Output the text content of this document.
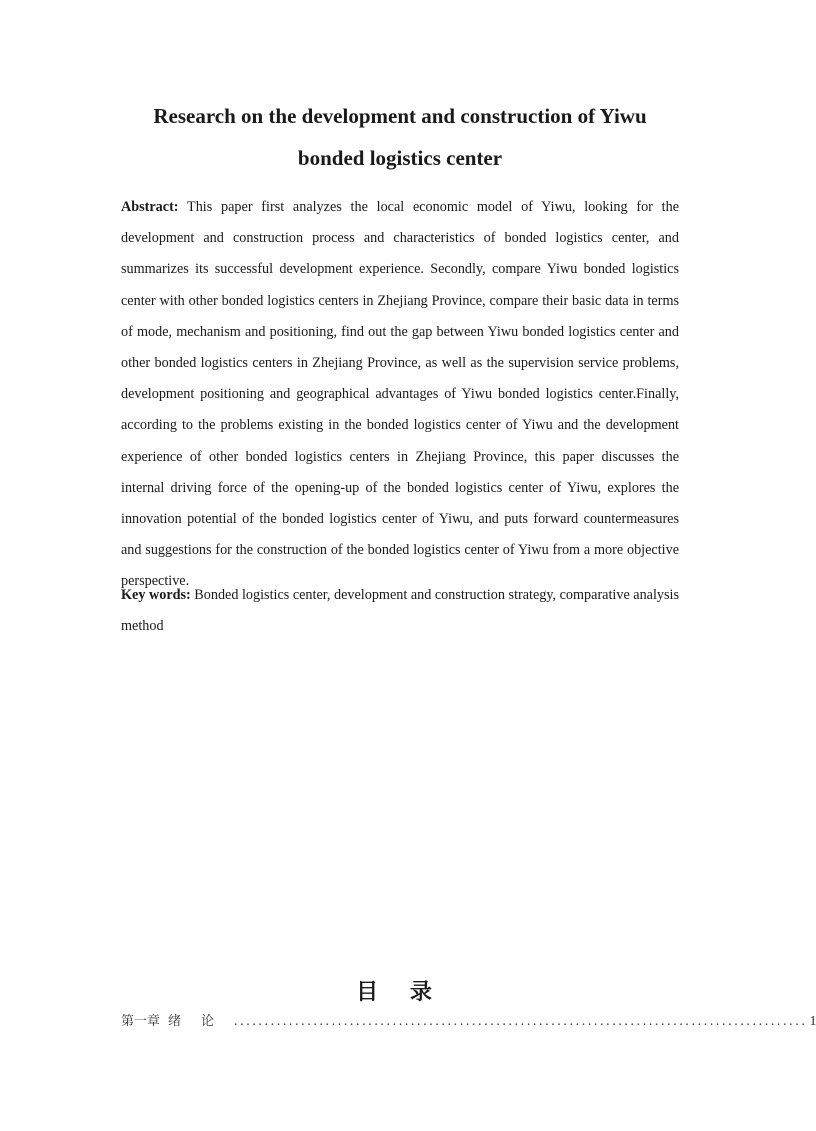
Research on the development and construction of Yiwu
bonded logistics center

Abstract: This paper first analyzes the local economic model of Yiwu, looking for the development and construction process and characteristics of bonded logistics center, and summarizes its successful development experience. Secondly, compare Yiwu bonded logistics center with other bonded logistics centers in Zhejiang Province, compare their basic data in terms of mode, mechanism and positioning, find out the gap between Yiwu bonded logistics center and other bonded logistics centers in Zhejiang Province, as well as the supervision service problems, development positioning and geographical advantages of Yiwu bonded logistics center.Finally, according to the problems existing in the bonded logistics center of Yiwu and the development experience of other bonded logistics centers in Zhejiang Province, this paper discusses the internal driving force of the opening-up of the bonded logistics center of Yiwu, explores the innovation potential of the bonded logistics center of Yiwu, and puts forward countermeasures and suggestions for the construction of the bonded logistics center of Yiwu from a more objective perspective.

Key words: Bonded logistics center, development and construction strategy, comparative analysis method

目 录
第一章 绪论 .............................................................................................. 1
